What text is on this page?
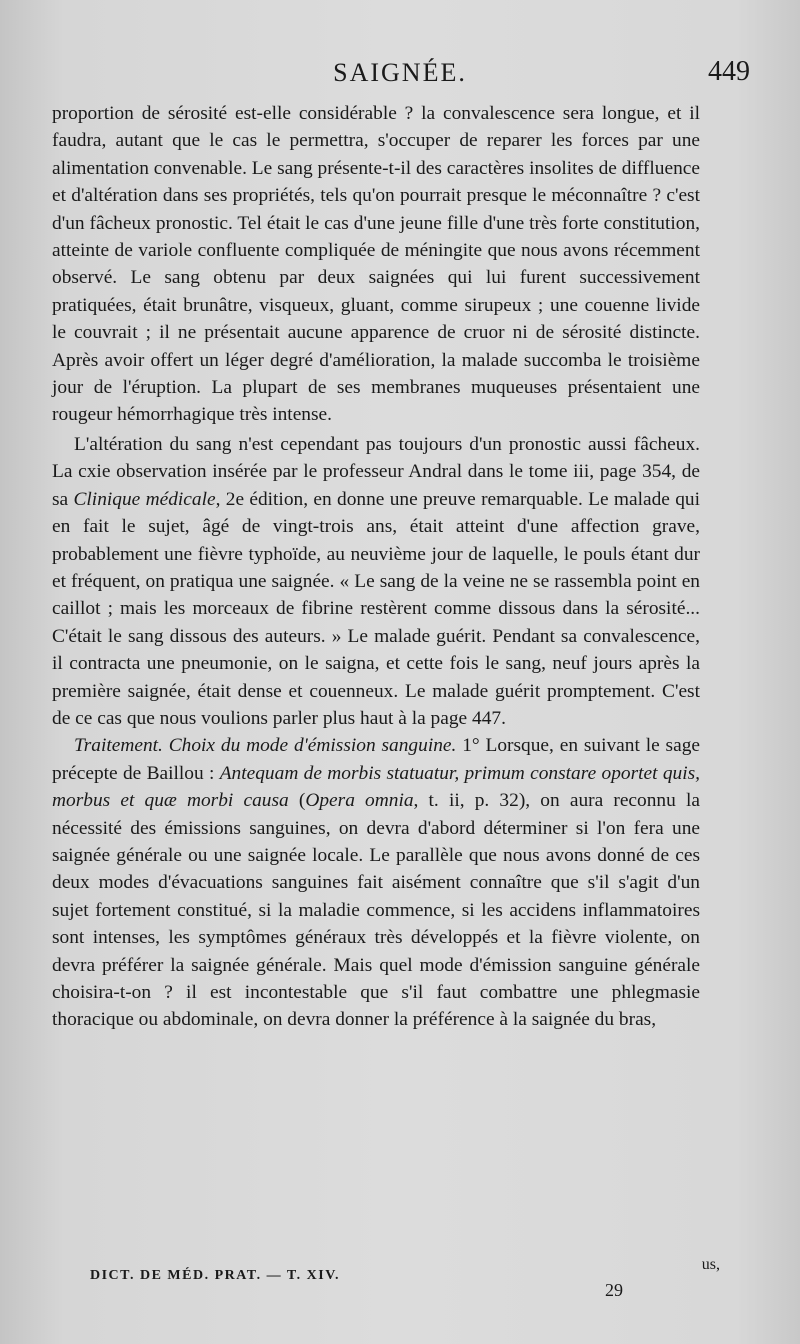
SAIGNÉE.	449

proportion de sérosité est-elle considérable ? la convalescence sera longue, et il faudra, autant que le cas le permettra, s'occuper de reparer les forces par une alimentation convenable. Le sang présente-t-il des caractères insolites de diffluence et d'altération dans ses propriétés, tels qu'on pourrait presque le méconnaître ? c'est d'un fâcheux pronostic. Tel était le cas d'une jeune fille d'une très forte constitution, atteinte de variole confluente compliquée de méningite que nous avons récemment observé. Le sang obtenu par deux saignées qui lui furent successivement pratiquées, était brunâtre, visqueux, gluant, comme sirupeux ; une couenne livide le couvrait ; il ne présentait aucune apparence de cruor ni de sérosité distincte. Après avoir offert un léger degré d'amélioration, la malade succomba le troisième jour de l'éruption. La plupart de ses membranes muqueuses présentaient une rougeur hémorrhagique très intense.

L'altération du sang n'est cependant pas toujours d'un pronostic aussi fâcheux. La cxie observation insérée par le professeur Andral dans le tome iii, page 354, de sa Clinique médicale, 2e édition, en donne une preuve remarquable. Le malade qui en fait le sujet, âgé de vingt-trois ans, était atteint d'une affection grave, probablement une fièvre typhoïde, au neuvième jour de laquelle, le pouls étant dur et fréquent, on pratiqua une saignée. « Le sang de la veine ne se rassembla point en caillot ; mais les morceaux de fibrine restèrent comme dissous dans la sérosité... C'était le sang dissous des auteurs. » Le malade guérit. Pendant sa convalescence, il contracta une pneumonie, on le saigna, et cette fois le sang, neuf jours après la première saignée, était dense et couenneux. Le malade guérit promptement. C'est de ce cas que nous voulions parler plus haut à la page 447.

Traitement. Choix du mode d'émission sanguine. 1° Lorsque, en suivant le sage précepte de Baillou : Antequam de morbis statuatur, primum constare oportet quis, morbus et quæ morbi causa (Opera omnia, t. ii, p. 32), on aura reconnu la nécessité des émissions sanguines, on devra d'abord déterminer si l'on fera une saignée générale ou une saignée locale. Le parallèle que nous avons donné de ces deux modes d'évacuations sanguines fait aisément connaître que s'il s'agit d'un sujet fortement constitué, si la maladie commence, si les accidens inflammatoires sont intenses, les symptômes généraux très développés et la fièvre violente, on devra préférer la saignée générale. Mais quel mode d'émission sanguine générale choisira-t-on ? il est incontestable que s'il faut combattre une phlegmasie thoracique ou abdominale, on devra donner la préférence à la saignée du bras,

DICT. DE MÉD. PRAT. — T. XIV.
29
us,
